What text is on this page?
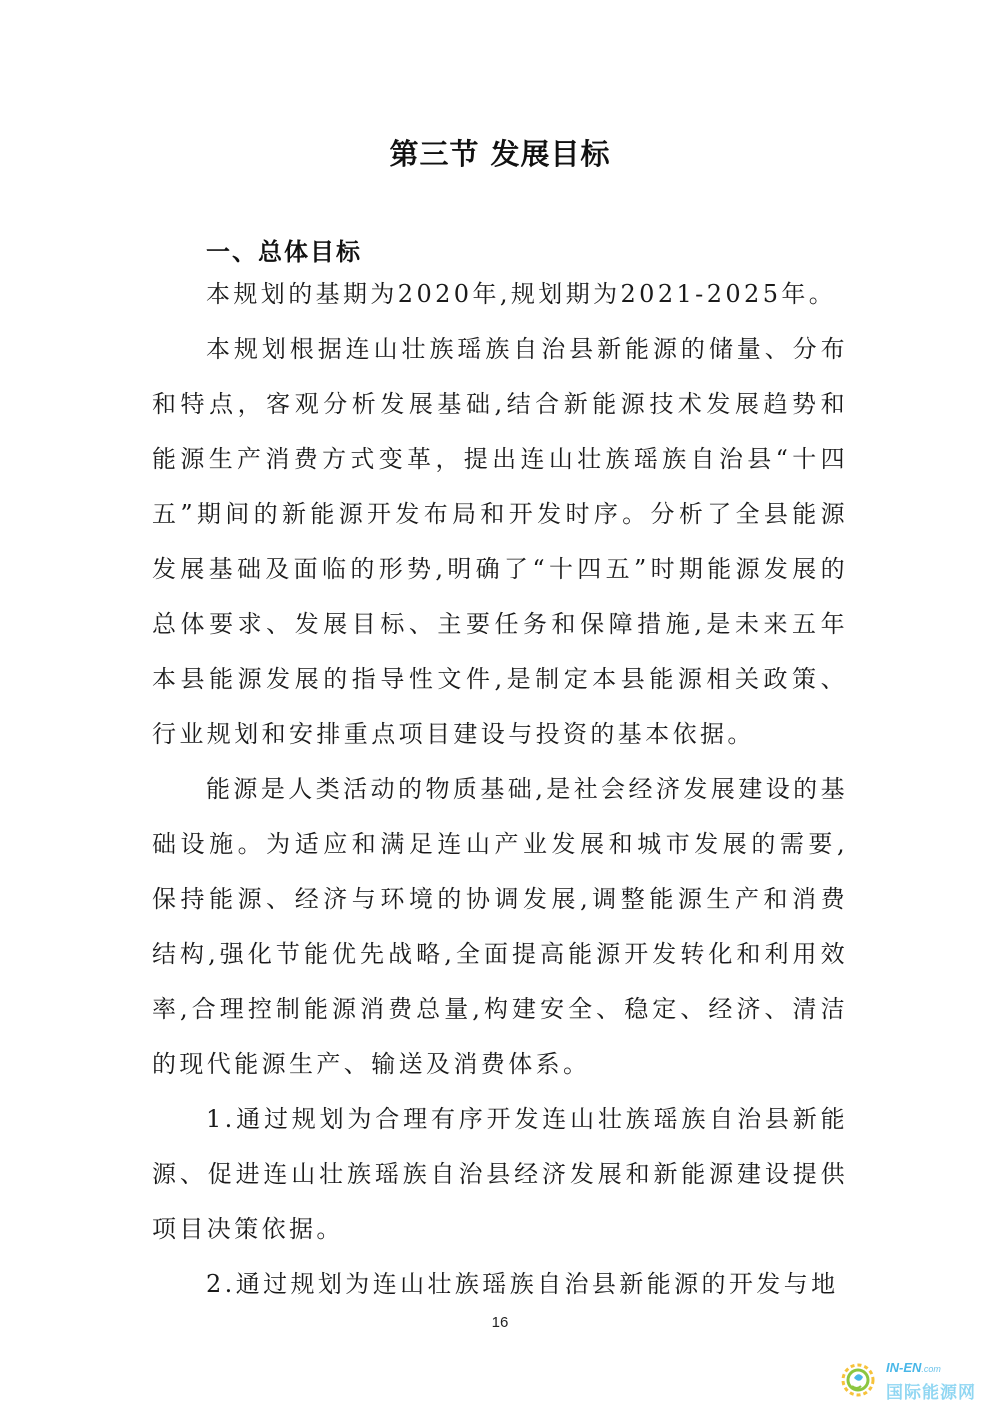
第三节 发展目标
一、总体目标

本规划的基期为2020年,规划期为2021-2025年。

本规划根据连山壮族瑶族自治县新能源的储量、分布和特点，客观分析发展基础,结合新能源技术发展趋势和能源生产消费方式变革，提出连山壮族瑶族自治县“十四五”期间的新能源开发布局和开发时序。分析了全县能源发展基础及面临的形势,明确了“十四五”时期能源发展的总体要求、发展目标、主要任务和保障措施,是未来五年本县能源发展的指导性文件,是制定本县能源相关政策、行业规划和安排重点项目建设与投资的基本依据。

能源是人类活动的物质基础,是社会经济发展建设的基础设施。为适应和满足连山产业发展和城市发展的需要,保持能源、经济与环境的协调发展,调整能源生产和消费结构,强化节能优先战略,全面提高能源开发转化和利用效率,合理控制能源消费总量,构建安全、稳定、经济、清洁的现代能源生产、输送及消费体系。

1.通过规划为合理有序开发连山壮族瑶族自治县新能源、促进连山壮族瑶族自治县经济发展和新能源建设提供项目决策依据。

2.通过规划为连山壮族瑶族自治县新能源的开发与地

16
IN-EN.com
国际能源网
